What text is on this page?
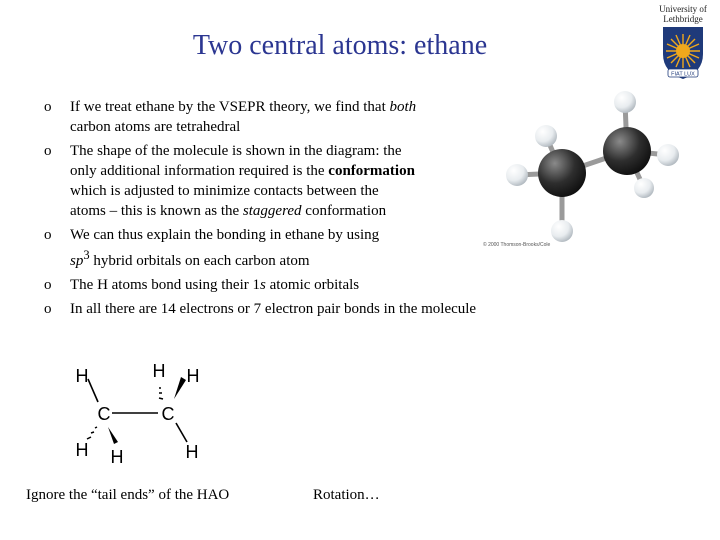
Two central atoms: ethane
University of
Lethbridge
FIAT LUX
o If we treat ethane by the VSEPR theory, we find that both
carbon atoms are tetrahedral
o The shape of the molecule is shown in the diagram: the
only additional information required is the conformation
which is adjusted to minimize contacts between the
atoms – this is known as the staggered conformation
o We can thus explain the bonding in ethane by using
$sp^3$ hybrid orbitals on each carbon atom
o The H atoms bond using their 1s atomic orbitals
o In all there are 14 electrons or 7 electron pair bonds in the molecule
© 2000 Thomson-Brooks/Cole
C	C
H
H H
H H
H
Ignore the “tail ends” of the HAO	Rotation…
